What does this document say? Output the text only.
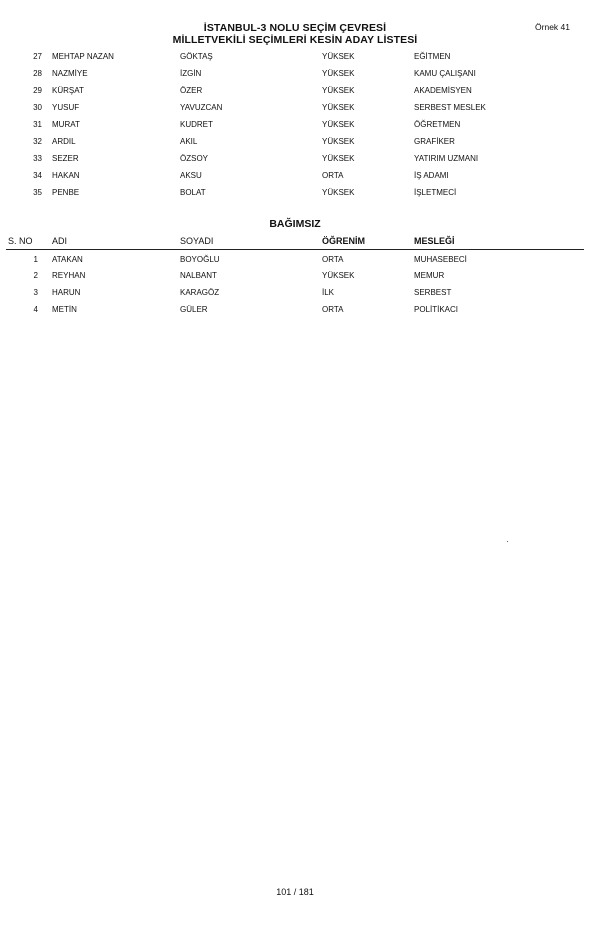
İSTANBUL-3 NOLU SEÇİM ÇEVRESİ
MİLLETVEKİLİ SEÇİMLERİ KESİN ADAY LİSTESİ
Örnek 41
27 MEHTAP NAZAN	GÖKTAŞ	YÜKSEK	EĞİTMEN
28 NAZMİYE	İZGİN	YÜKSEK	KAMU ÇALIŞANI
29 KÜRŞAT	ÖZER	YÜKSEK	AKADEMİSYEN
30 YUSUF	YAVUZCAN	YÜKSEK	SERBEST MESLEK
31 MURAT	KUDRET	YÜKSEK	ÖĞRETMEN
32 ARDIL	AKIL	YÜKSEK	GRAFİKER
33 SEZER	ÖZSOY	YÜKSEK	YATIRIM UZMANI
34 HAKAN	AKSU	ORTA	İŞ ADAMI
35 PENBE	BOLAT	YÜKSEK	İŞLETMECİ
BAĞIMSIZ
S. NO ADI	SOYADI	ÖĞRENİM	MESLEĞİ
1 ATAKAN	BOYOĞLU	ORTA	MUHASEBECİ
2 REYHAN	NALBANT	YÜKSEK	MEMUR
3 HARUN	KARAGÖZ	İLK	SERBEST
4 METİN	GÜLER	ORTA	POLİTİKACI
101 / 181
